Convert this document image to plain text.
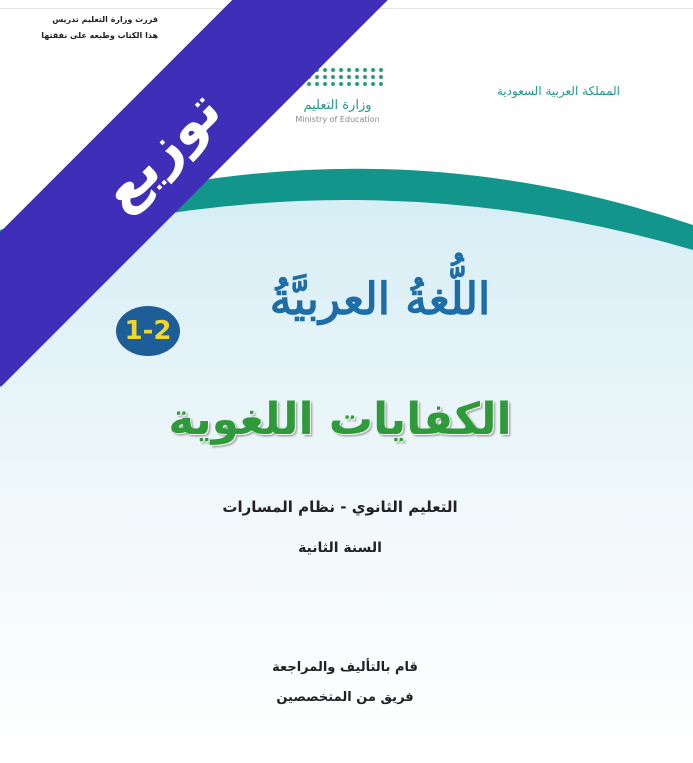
المملكة العربية السعودية
وزارة التعليم
Ministry of Education
توزيع
قررت وزارة التعليم تدريس
هذا الكتاب وطبعه على نفقتها
اللُّغةُ العربيَّةُ
1-2
الكفايات اللغوية
التعليم الثانوي - نظام المسارات
السنة الثانية
قام بالتأليف والمراجعة
فريق من المتخصصين
